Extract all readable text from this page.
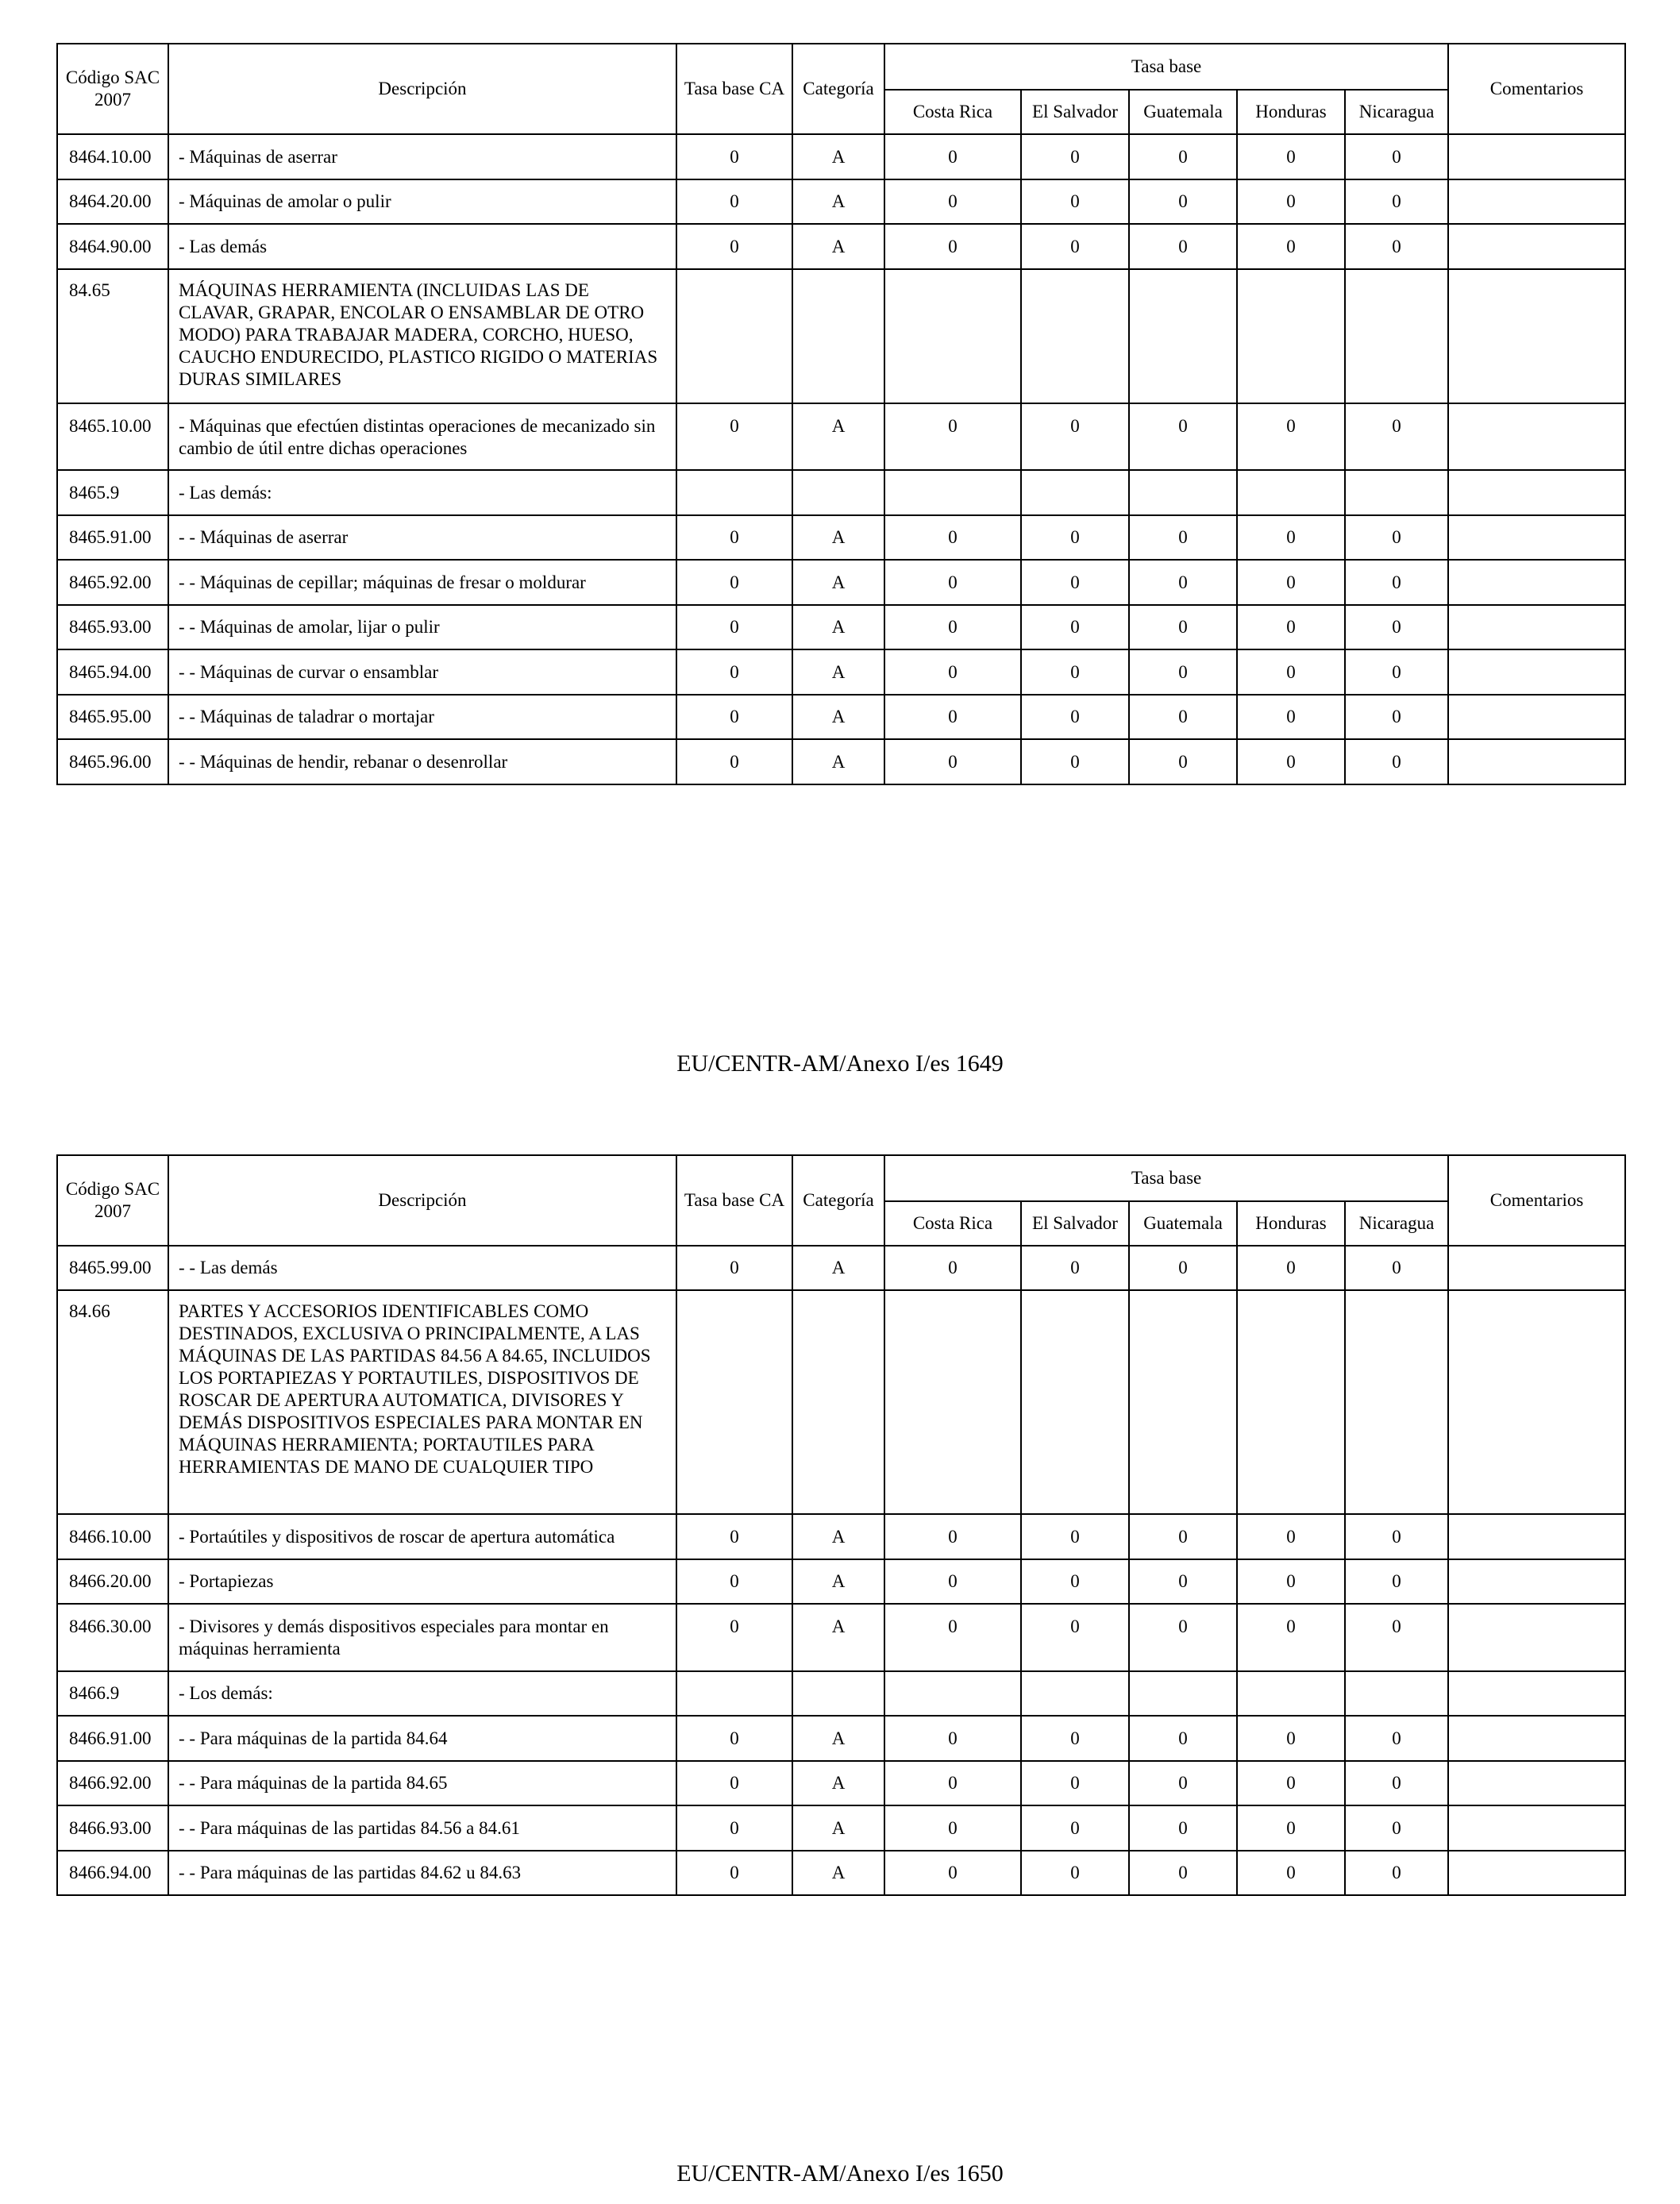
Código SAC 2007	Descripción	Tasa base CA	Categoría	Tasa base					Comentarios
				Costa Rica	El Salvador	Guatemala	Honduras	Nicaragua	
8464.10.00	- Máquinas de aserrar	0	A	0	0	0	0	0	
8464.20.00	- Máquinas de amolar o pulir	0	A	0	0	0	0	0	
8464.90.00	- Las demás	0	A	0	0	0	0	0	
84.65	MÁQUINAS HERRAMIENTA (INCLUIDAS LAS DE CLAVAR, GRAPAR, ENCOLAR O ENSAMBLAR DE OTRO MODO) PARA TRABAJAR MADERA, CORCHO, HUESO, CAUCHO ENDURECIDO, PLASTICO RIGIDO O MATERIAS DURAS SIMILARES								
8465.10.00	- Máquinas que efectúen distintas operaciones de mecanizado sin cambio de útil entre dichas operaciones	0	A	0	0	0	0	0	
8465.9	- Las demás:								
8465.91.00	- - Máquinas de aserrar	0	A	0	0	0	0	0	
8465.92.00	- - Máquinas de cepillar; máquinas de fresar o moldurar	0	A	0	0	0	0	0	
8465.93.00	- - Máquinas de amolar, lijar o pulir	0	A	0	0	0	0	0	
8465.94.00	- - Máquinas de curvar o ensamblar	0	A	0	0	0	0	0	
8465.95.00	- - Máquinas de taladrar o mortajar	0	A	0	0	0	0	0	
8465.96.00	- - Máquinas de hendir, rebanar o desenrollar	0	A	0	0	0	0	0	
EU/CENTR-AM/Anexo I/es 1649
Código SAC 2007	Descripción	Tasa base CA	Categoría	Tasa base					Comentarios
				Costa Rica	El Salvador	Guatemala	Honduras	Nicaragua	
8465.99.00	- - Las demás	0	A	0	0	0	0	0	
84.66	PARTES Y ACCESORIOS IDENTIFICABLES COMO DESTINADOS, EXCLUSIVA O PRINCIPALMENTE, A LAS MÁQUINAS DE LAS PARTIDAS 84.56 A 84.65, INCLUIDOS LOS PORTAPIEZAS Y PORTAUTILES, DISPOSITIVOS DE ROSCAR DE APERTURA AUTOMATICA, DIVISORES Y DEMÁS DISPOSITIVOS ESPECIALES PARA MONTAR EN MÁQUINAS HERRAMIENTA; PORTAUTILES PARA HERRAMIENTAS DE MANO DE CUALQUIER TIPO								
8466.10.00	- Portaútiles y dispositivos de roscar de apertura automática	0	A	0	0	0	0	0	
8466.20.00	- Portapiezas	0	A	0	0	0	0	0	
8466.30.00	- Divisores y demás dispositivos especiales para montar en máquinas herramienta	0	A	0	0	0	0	0	
8466.9	- Los demás:								
8466.91.00	- - Para máquinas de la partida 84.64	0	A	0	0	0	0	0	
8466.92.00	- - Para máquinas de la partida 84.65	0	A	0	0	0	0	0	
8466.93.00	- - Para máquinas de las partidas 84.56 a 84.61	0	A	0	0	0	0	0	
8466.94.00	- - Para máquinas de las partidas 84.62 u 84.63	0	A	0	0	0	0	0	
EU/CENTR-AM/Anexo I/es 1650
